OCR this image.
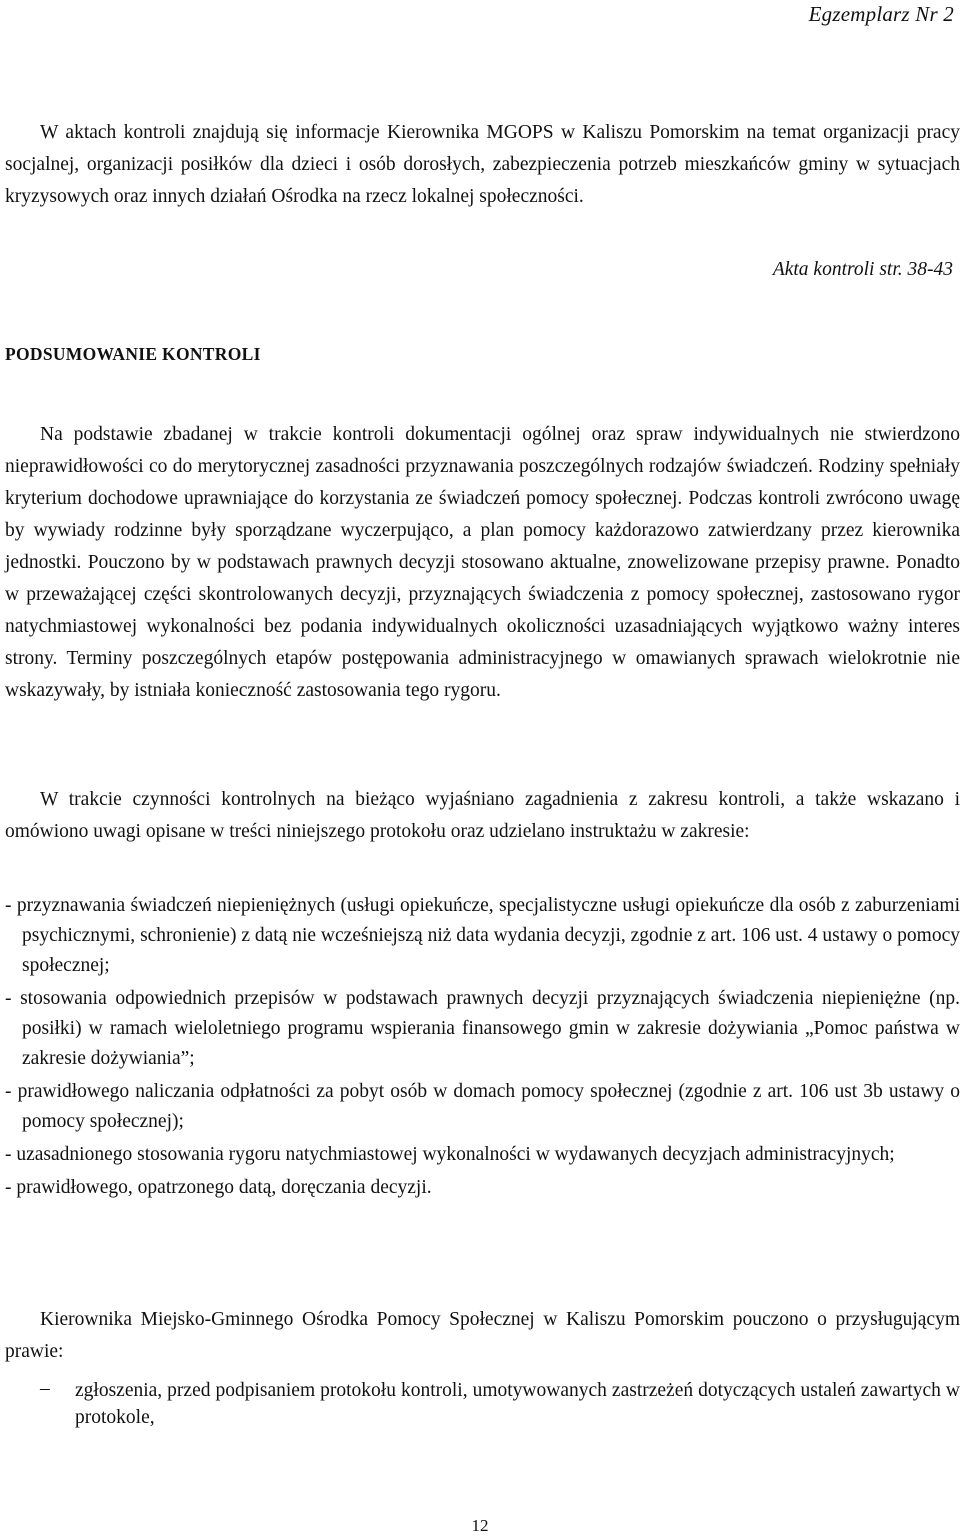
Egzemplarz Nr 2

W aktach kontroli znajdują się informacje Kierownika MGOPS w Kaliszu Pomorskim na temat organizacji pracy socjalnej, organizacji posiłków dla dzieci i osób dorosłych, zabezpieczenia potrzeb mieszkańców gminy w sytuacjach kryzysowych oraz innych działań Ośrodka na rzecz lokalnej społeczności.

Akta kontroli str. 38-43

PODSUMOWANIE KONTROLI

Na podstawie zbadanej w trakcie kontroli dokumentacji ogólnej oraz spraw indywidualnych nie stwierdzono nieprawidłowości co do merytorycznej zasadności przyznawania poszczególnych rodzajów świadczeń. Rodziny spełniały kryterium dochodowe uprawniające do korzystania ze świadczeń pomocy społecznej. Podczas kontroli zwrócono uwagę by wywiady rodzinne były sporządzane wyczerpująco, a plan pomocy każdorazowo zatwierdzany przez kierownika jednostki. Pouczono by w podstawach prawnych decyzji stosowano aktualne, znowelizowane przepisy prawne. Ponadto w przeważającej części skontrolowanych decyzji, przyznających świadczenia z pomocy społecznej, zastosowano rygor natychmiastowej wykonalności bez podania indywidualnych okoliczności uzasadniających wyjątkowo ważny interes strony. Terminy poszczególnych etapów postępowania administracyjnego w omawianych sprawach wielokrotnie nie wskazywały, by istniała konieczność zastosowania tego rygoru.

W trakcie czynności kontrolnych na bieżąco wyjaśniano zagadnienia z zakresu kontroli, a także wskazano i omówiono uwagi opisane w treści niniejszego protokołu oraz udzielano instruktażu w zakresie:

- przyznawania świadczeń niepieniężnych (usługi opiekuńcze, specjalistyczne usługi opiekuńcze dla osób z zaburzeniami psychicznymi, schronienie) z datą nie wcześniejszą niż data wydania decyzji, zgodnie z art. 106 ust. 4 ustawy o pomocy społecznej;

- stosowania odpowiednich przepisów w podstawach prawnych decyzji przyznających świadczenia niepieniężne (np. posiłki) w ramach wieloletniego programu wspierania finansowego gmin w zakresie dożywiania „Pomoc państwa w zakresie dożywiania”;

- prawidłowego naliczania odpłatności za pobyt osób w domach pomocy społecznej (zgodnie z art. 106 ust 3b ustawy o pomocy społecznej);

- uzasadnionego stosowania rygoru natychmiastowej wykonalności w wydawanych decyzjach administracyjnych;

- prawidłowego, opatrzonego datą, doręczania decyzji.

Kierownika Miejsko-Gminnego Ośrodka Pomocy Społecznej w Kaliszu Pomorskim pouczono o przysługującym prawie:

– zgłoszenia, przed podpisaniem protokołu kontroli, umotywowanych zastrzeżeń dotyczących ustaleń zawartych w protokole,
12
